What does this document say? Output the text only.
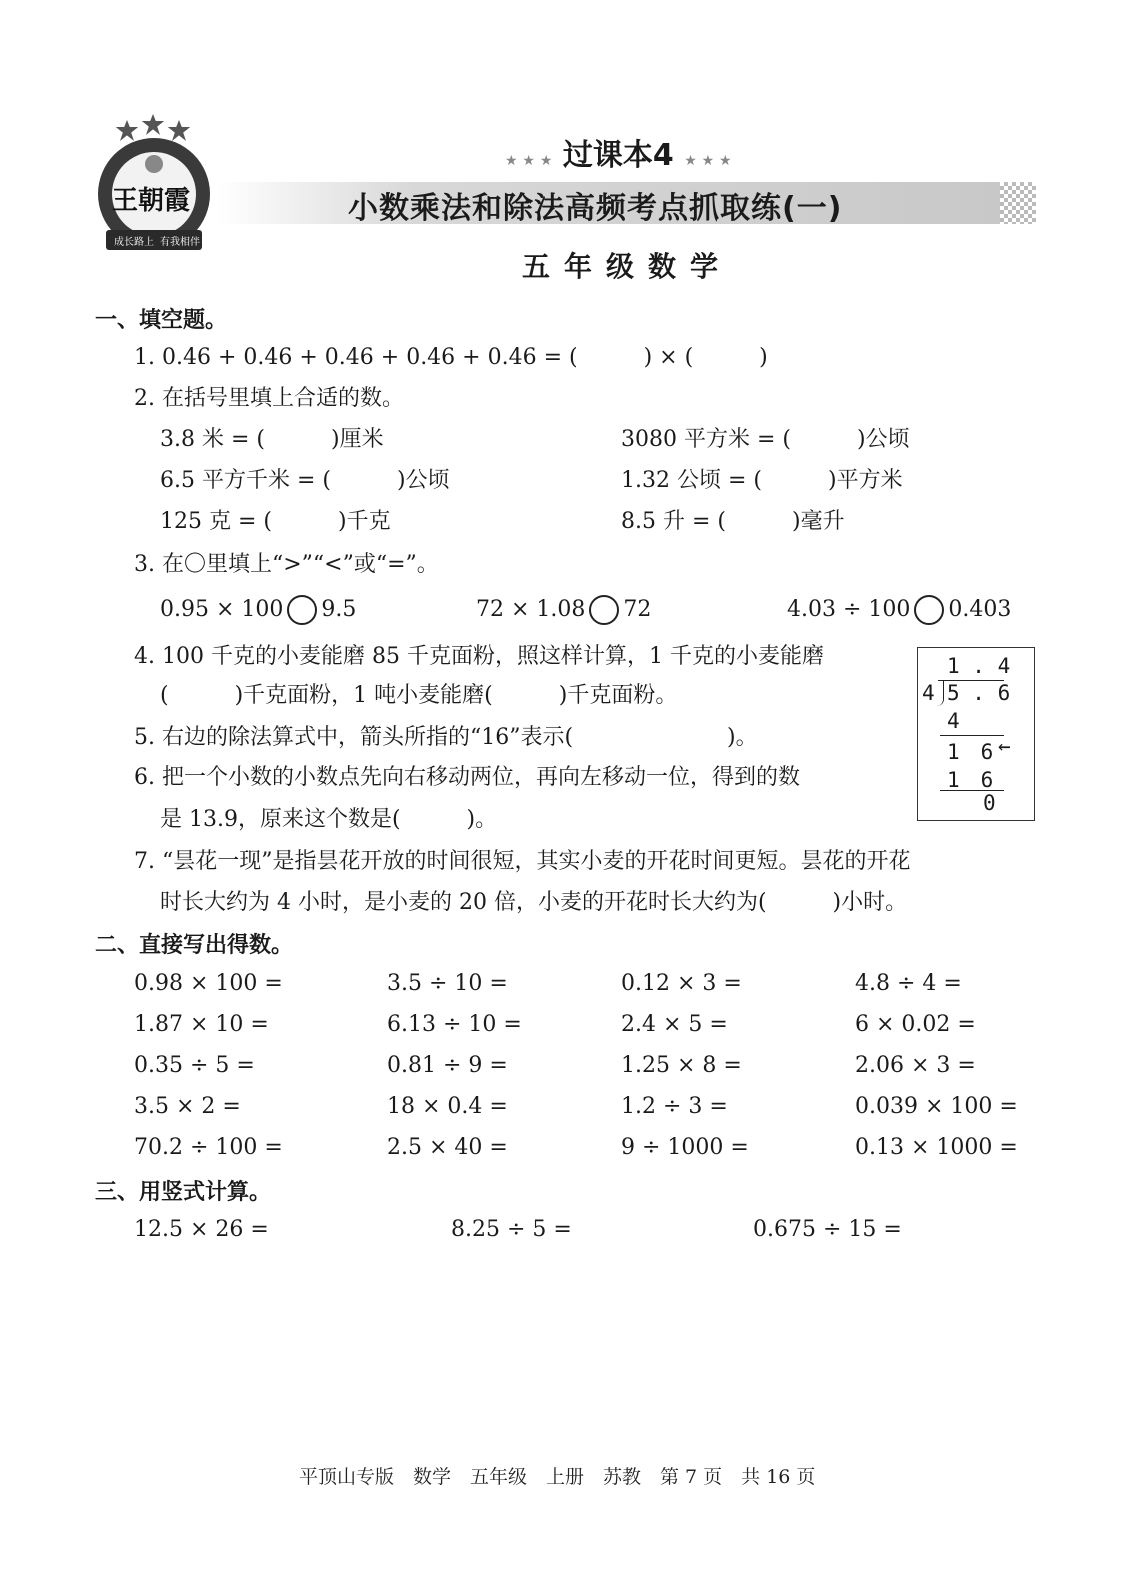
王朝霞
成长路上 有我相伴
★ ★ ★ 过课本4 ★ ★ ★
小数乘法和除法高频考点抓取练(一)
五年级数学
一、填空题。
1. 0.46 + 0.46 + 0.46 + 0.46 + 0.46 = (　　　) × (　　　)
2. 在括号里填上合适的数。
3.8 米 = (　　　)厘米	3080 平方米 = (　　　)公顷
6.5 平方千米 = (　　　)公顷	1.32 公顷 = (　　　)平方米
125 克 = (　　　)千克	8.5 升 = (　　　)毫升
3. 在〇里填上“>”“<”或“=”。
0.95 × 100 9.5	72 × 1.08 72	4.03 ÷ 100 0.403
4. 100 千克的小麦能磨 85 千克面粉，照这样计算，1 千克的小麦能磨
(　　　)千克面粉，1 吨小麦能磨(　　　)千克面粉。
5. 右边的除法算式中，箭头所指的“16”表示(　　　　　　　)。
6. 把一个小数的小数点先向右移动两位，再向左移动一位，得到的数
是 13.9，原来这个数是(　　　)。
7. “昙花一现”是指昙花开放的时间很短，其实小麦的开花时间更短。昙花的开花
时长大约为 4 小时，是小麦的 20 倍，小麦的开花时长大约为(　　　)小时。
1 . 4
4 5 . 6
4
1　6 ←
1　6
0
二、直接写出得数。
0.98 × 100 =	3.5 ÷ 10 =	0.12 × 3 =	4.8 ÷ 4 =
1.87 × 10 =	6.13 ÷ 10 =	2.4 × 5 =	6 × 0.02 =
0.35 ÷ 5 =	0.81 ÷ 9 =	1.25 × 8 =	2.06 × 3 =
3.5 × 2 =	18 × 0.4 =	1.2 ÷ 3 =	0.039 × 100 =
70.2 ÷ 100 =	2.5 × 40 =	9 ÷ 1000 =	0.13 × 1000 =
三、用竖式计算。
12.5 × 26 =	8.25 ÷ 5 =	0.675 ÷ 15 =
平顶山专版　数学　五年级　上册　苏教　第 7 页　共 16 页
